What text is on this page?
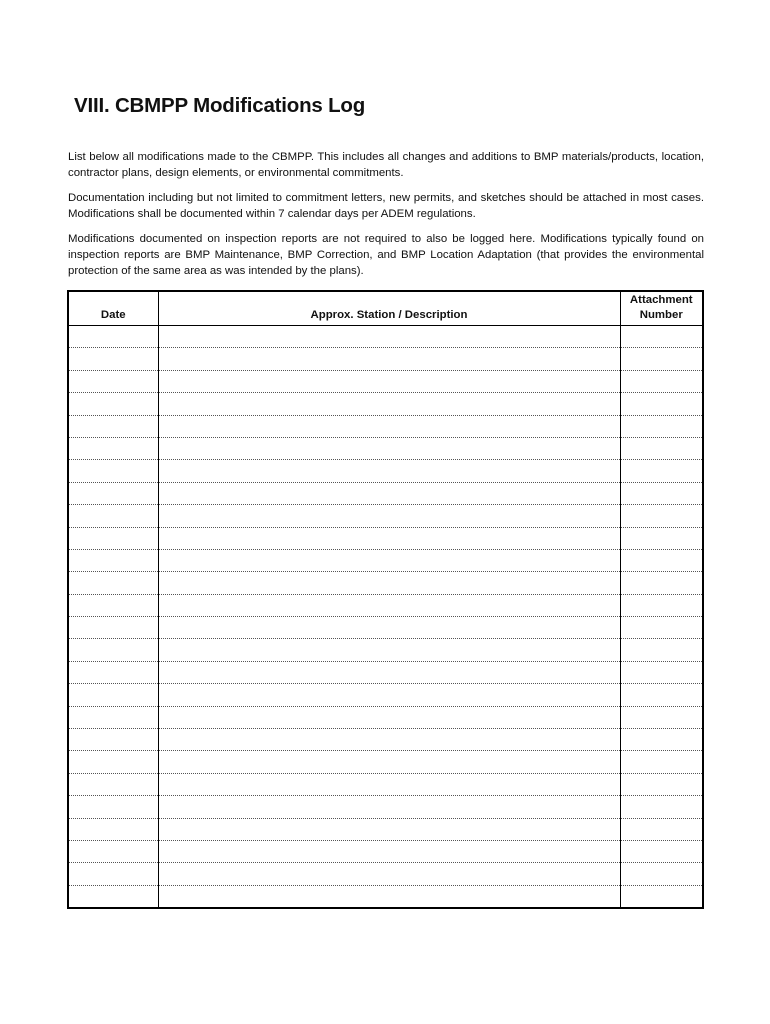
VIII. CBMPP Modifications Log

List below all modifications made to the CBMPP. This includes all changes and additions to BMP materials/products, location, contractor plans, design elements, or environmental commitments.

Documentation including but not limited to commitment letters, new permits, and sketches should be attached in most cases. Modifications shall be documented within 7 calendar days per ADEM regulations.

Modifications documented on inspection reports are not required to also be logged here. Modifications typically found on inspection reports are BMP Maintenance, BMP Correction, and BMP Location Adaptation (that provides the environmental protection of the same area as was intended by the plans).

Date	Approx. Station / Description	Attachment
Number
